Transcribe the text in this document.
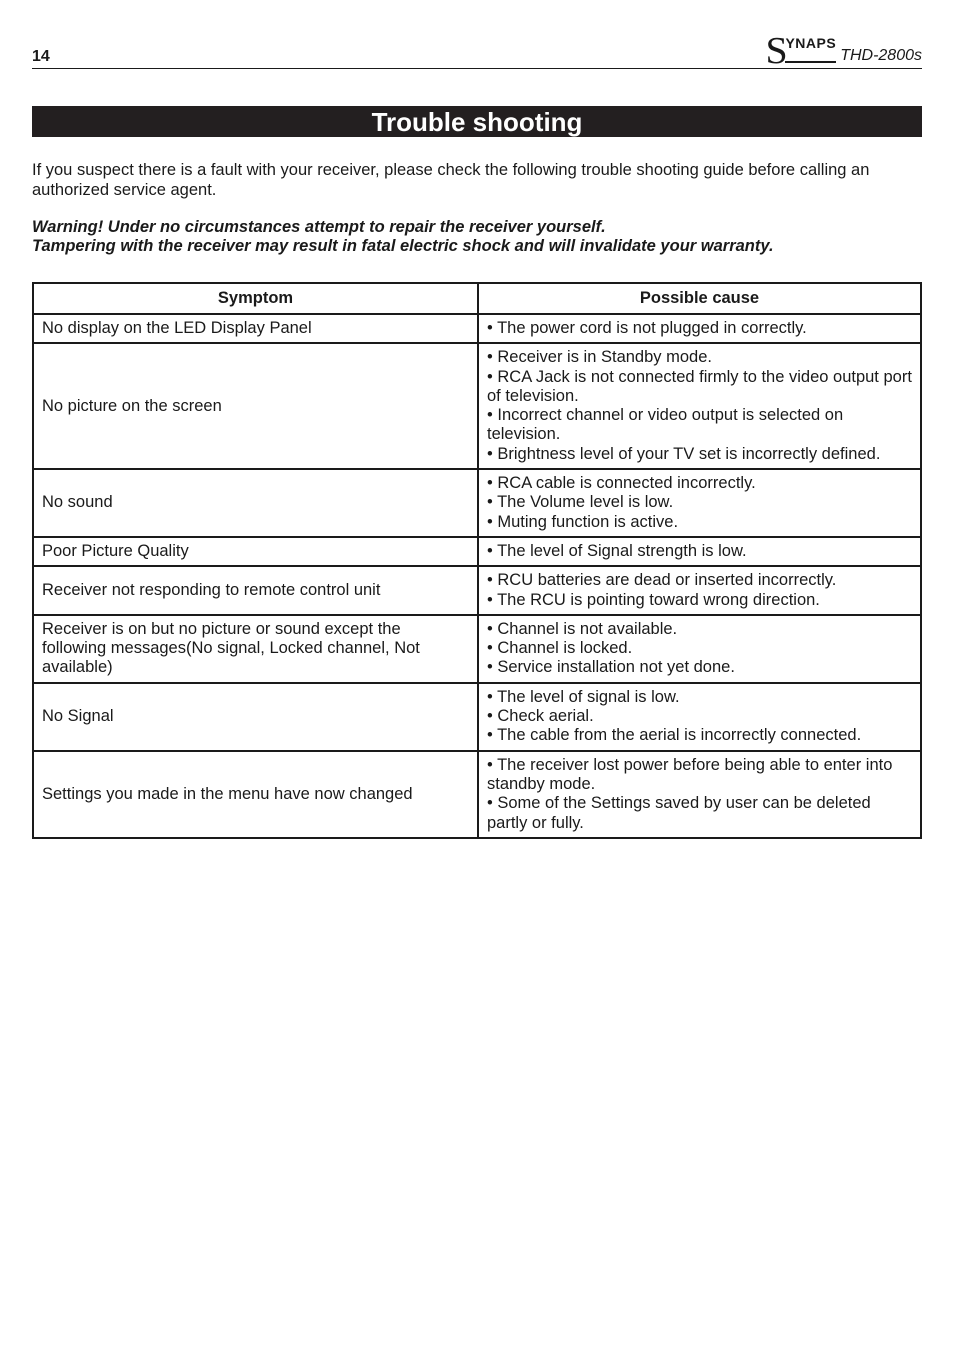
14	S
YNAPS
THD-2800s
Trouble shooting
If you suspect there is a fault with your receiver, please check the following trouble shooting guide before calling an authorized service agent.
Warning! Under no circumstances attempt to repair the receiver yourself.
Tampering with the receiver may result in fatal electric shock and will invalidate your warranty.
Symptom	Possible cause
No display on the LED Display Panel	• The power cord is not plugged in correctly.

No picture on the screen	• Receiver is in Standby mode.
• RCA Jack is not connected firmly to the video output port of television.
• Incorrect channel or video output is selected on television.
• Brightness level of your TV set is incorrectly defined.

No sound	• RCA cable is connected incorrectly.
• The Volume level is low.
• Muting function is active.

Poor Picture Quality	• The level of Signal strength is low.

Receiver not responding to remote control unit	• RCU batteries are dead or inserted incorrectly.
• The RCU is pointing toward wrong direction.

Receiver is on but no picture or sound except the following messages(No signal, Locked channel, Not available)	• Channel is not available.
• Channel is locked.
• Service installation not yet done.

No Signal	• The level of signal is low.
• Check aerial.
• The cable from the aerial is incorrectly connected.

Settings you made in the menu have now changed	• The receiver lost power before being able to enter into standby mode.
• Some of the Settings saved by user can be deleted partly or fully.
